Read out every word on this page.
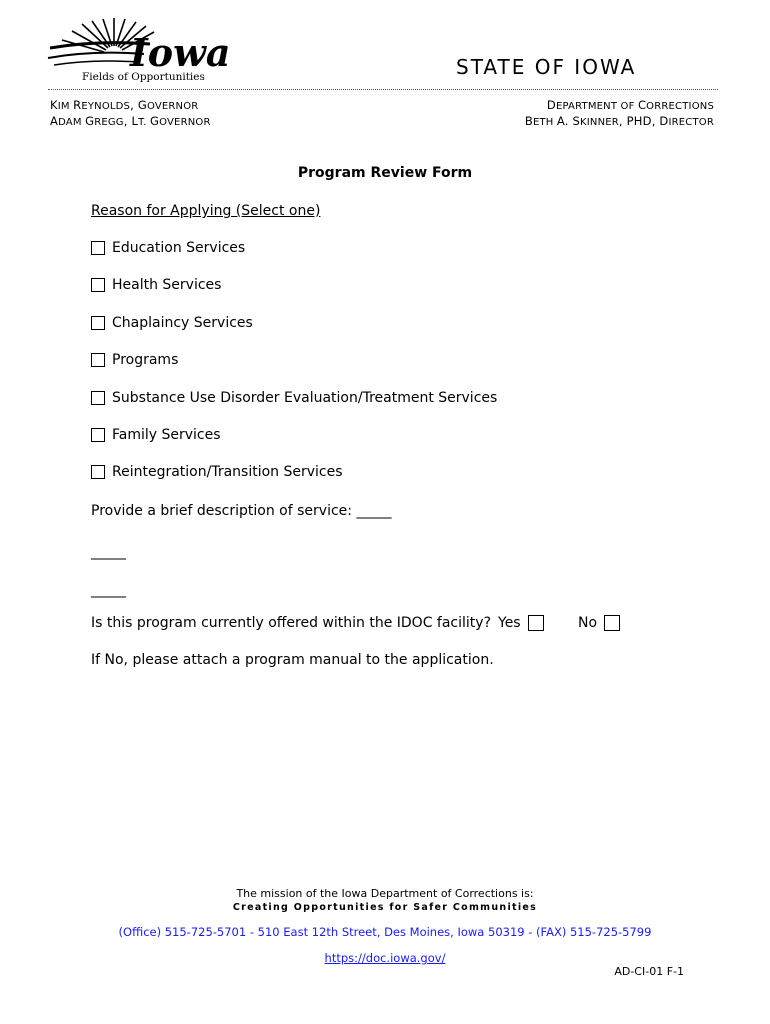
Iowa
Fields of Opportunities	STATE OF IOWA
KIM REYNOLDS, GOVERNOR
ADAM GREGG, LT. GOVERNOR
DEPARTMENT OF CORRECTIONS
BETH A. SKINNER, PHD, DIRECTOR
Program Review Form
Reason for Applying (Select one)
Education Services
Health Services
Chaplaincy Services
Programs
Substance Use Disorder Evaluation/Treatment Services
Family Services
Reintegration/Transition Services
Provide a brief description of service: _____
_____
_____
Is this program currently offered within the IDOC facility? Yes	No
If No, please attach a program manual to the application.
The mission of the Iowa Department of Corrections is:
Creating Opportunities for Safer Communities
(Office) 515-725-5701 - 510 East 12th Street, Des Moines, Iowa 50319 - (FAX) 515-725-5799
https://doc.iowa.gov/
AD-CI-01 F-1
